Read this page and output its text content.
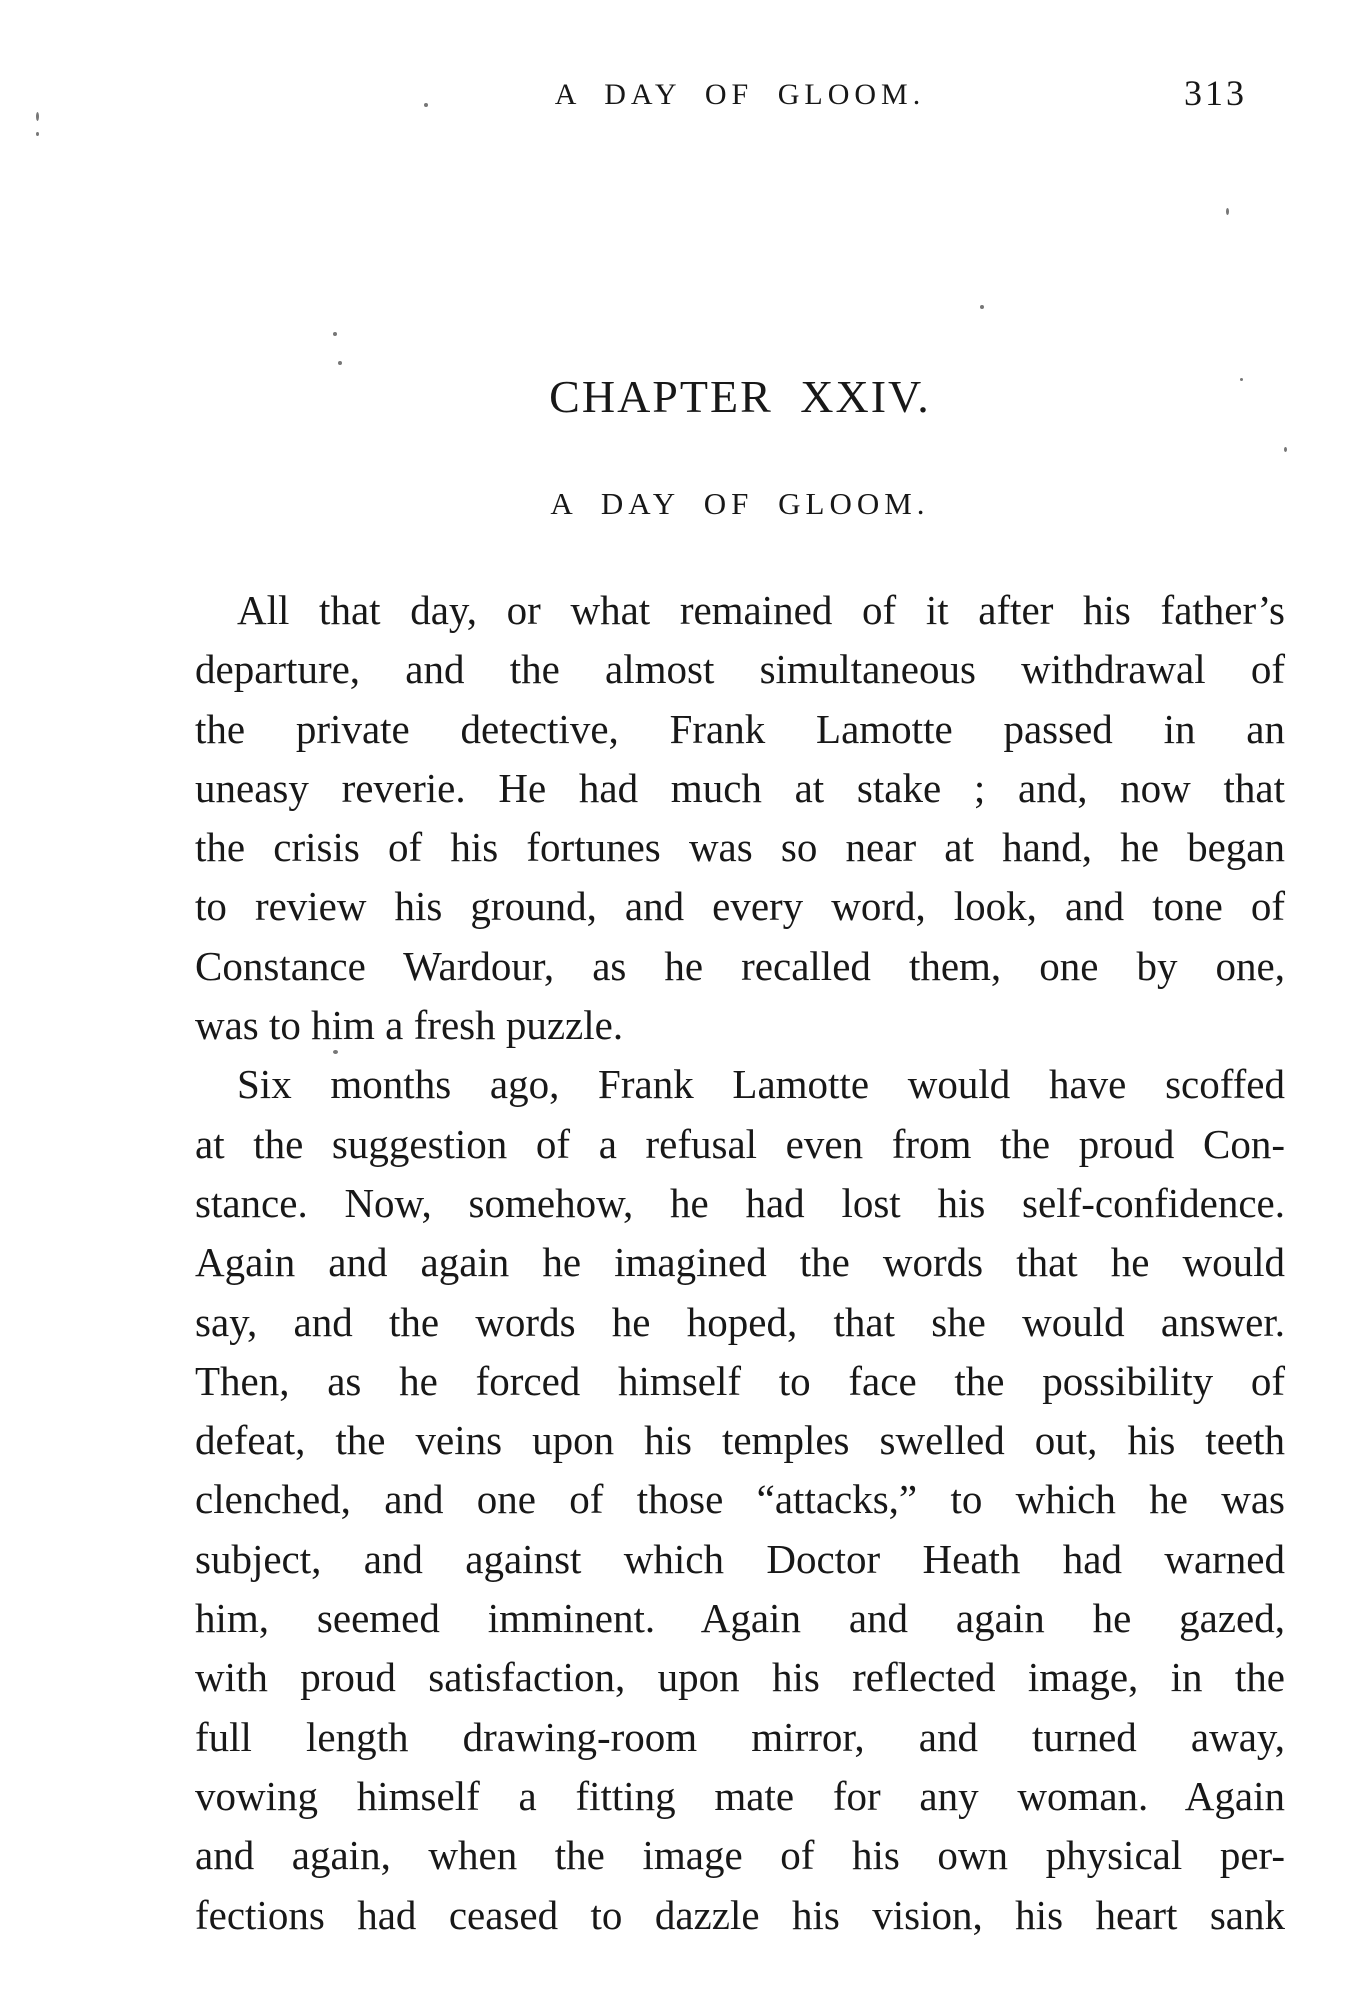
A DAY OF GLOOM.	313
CHAPTER XXIV.
A DAY OF GLOOM.
All that day, or what remained of it after his father’s
departure, and the almost simultaneous withdrawal of
the private detective, Frank Lamotte passed in an
uneasy reverie. He had much at stake ; and, now that
the crisis of his fortunes was so near at hand, he began
to review his ground, and every word, look, and tone of
Constance Wardour, as he recalled them, one by one,
was to him a fresh puzzle.
Six months ago, Frank Lamotte would have scoffed
at the suggestion of a refusal even from the proud Con-
stance. Now, somehow, he had lost his self-confidence.
Again and again he imagined the words that he would
say, and the words he hoped, that she would answer.
Then, as he forced himself to face the possibility of
defeat, the veins upon his temples swelled out, his teeth
clenched, and one of those “attacks,” to which he was
subject, and against which Doctor Heath had warned
him, seemed imminent. Again and again he gazed,
with proud satisfaction, upon his reflected image, in the
full length drawing-room mirror, and turned away,
vowing himself a fitting mate for any woman. Again
and again, when the image of his own physical per-
fections had ceased to dazzle his vision, his heart sank
